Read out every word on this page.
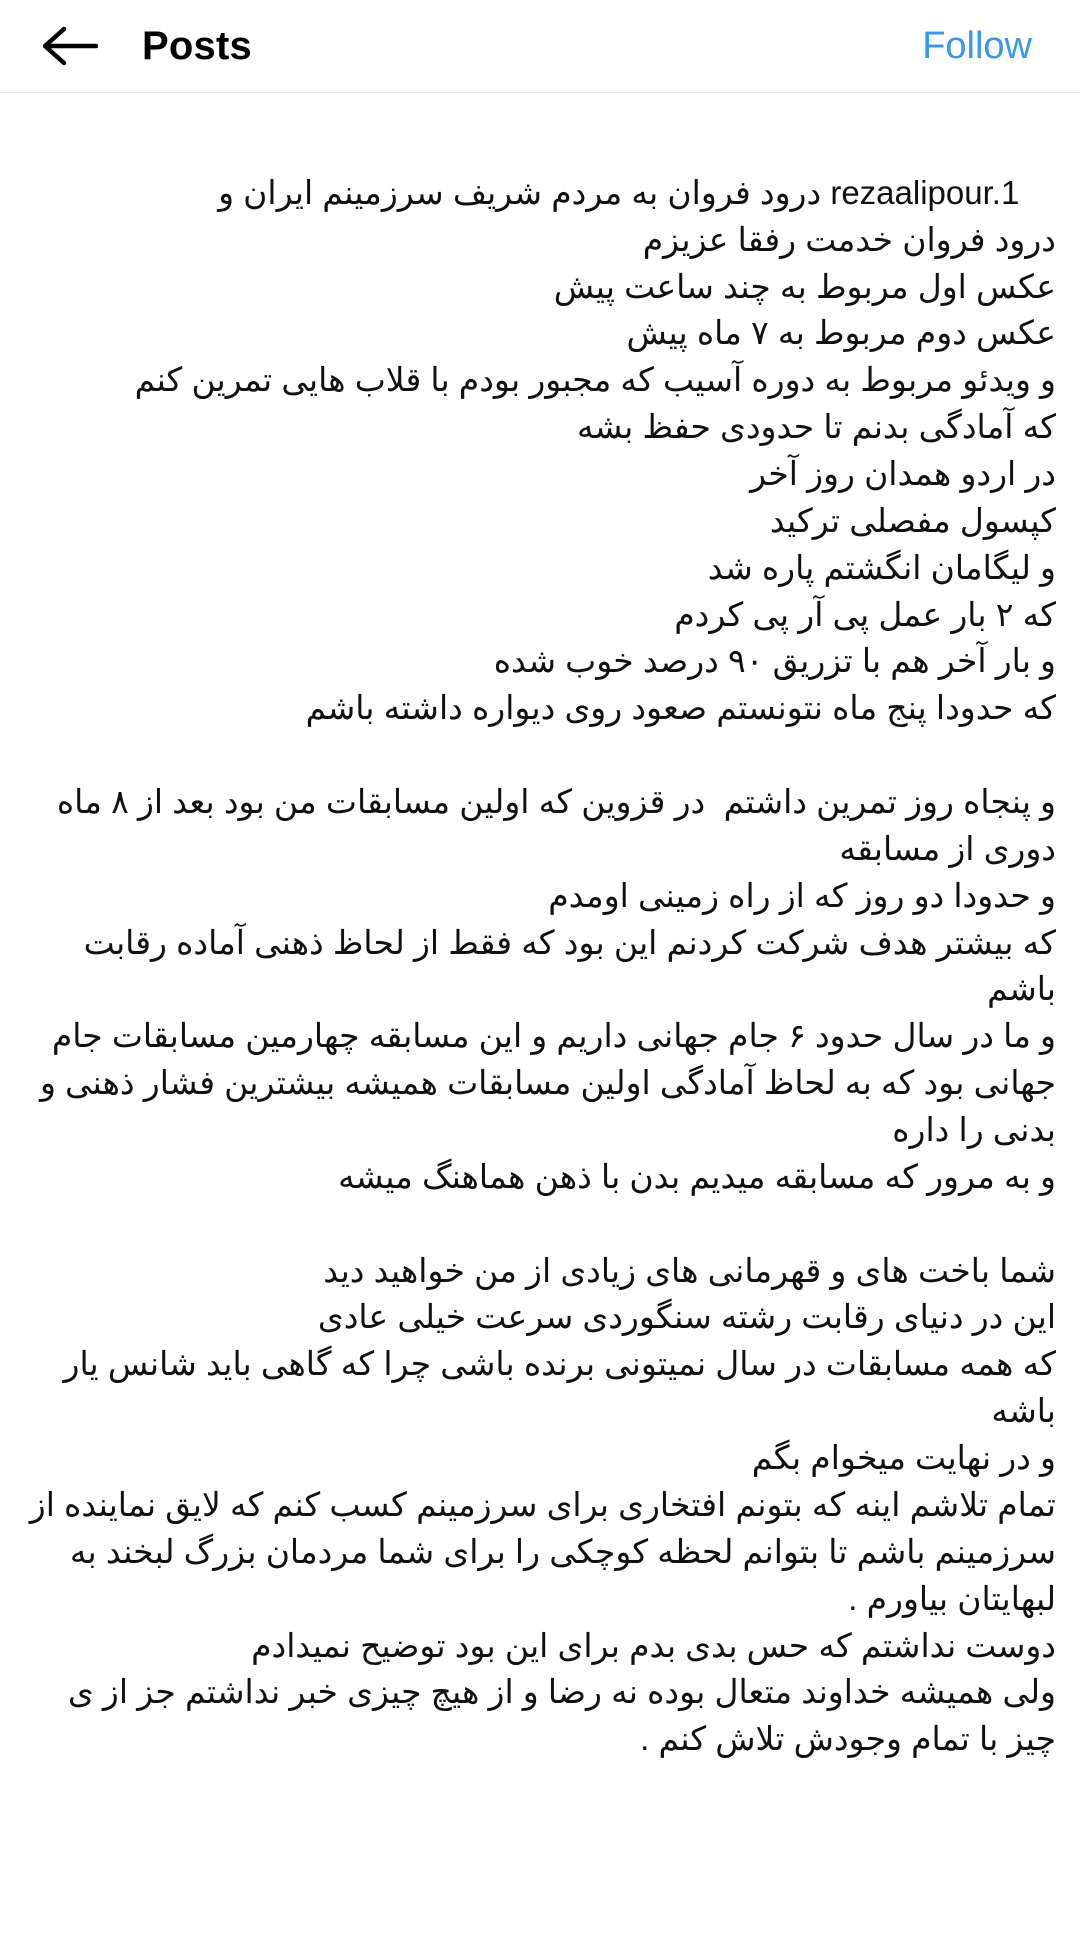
Posts	Follow

rezaalipour.1 درود فروان به مردم شریف سرزمینم ایران و
درود فروان خدمت رفقا عزیزم
عکس اول مربوط به چند ساعت پیش
عکس دوم مربوط به ۷ ماه پیش
و ویدئو مربوط به دوره آسیب که مجبور بودم با قلاب هایی تمرین کنم
که آمادگی بدنم تا حدودی حفظ بشه
در اردو همدان روز آخر
کپسول مفصلی ترکید
و لیگامان انگشتم پاره شد
که ۲ بار عمل پی آر پی کردم
و بار آخر هم با تزریق ۹۰ درصد خوب شده
که حدودا پنج ماه نتونستم صعود روی دیواره داشته باشم

و پنجاه روز تمرین داشتم  در قزوین که اولین مسابقات من بود بعد از ۸ ماه دوری از مسابقه
و حدودا دو روز که از راه زمینی اومدم
که بیشتر هدف شرکت کردنم این بود که فقط از لحاظ ذهنی آماده رقابت باشم
و ما در سال حدود ۶ جام جهانی داریم و این مسابقه چهارمین مسابقات جام جهانی بود که به لحاظ آمادگی اولین مسابقات همیشه بیشترین فشار ذهنی و بدنی را داره
و به مرور که مسابقه میدیم بدن با ذهن هماهنگ میشه

شما باخت های و قهرمانی های زیادی از من خواهید دید
این در دنیای رقابت رشته سنگوردی سرعت خیلی عادی
که همه مسابقات در سال نمیتونی برنده باشی چرا که گاهی باید شانس یار باشه
و در نهایت میخوام بگم
تمام تلاشم اینه که بتونم افتخاری برای سرزمینم کسب کنم که لایق نماینده از سرزمینم باشم تا بتوانم لحظه کوچکی را برای شما مردمان بزرگ لبخند به لبهایتان بیاورم .
دوست نداشتم که حس بدی بدم برای این بود توضیح نمیدادم
ولی همیشه خداوند متعال بوده نه رضا و از هیچ چیزی خبر نداشتم جز از ی چیز با تمام وجودش تلاش کنم .
